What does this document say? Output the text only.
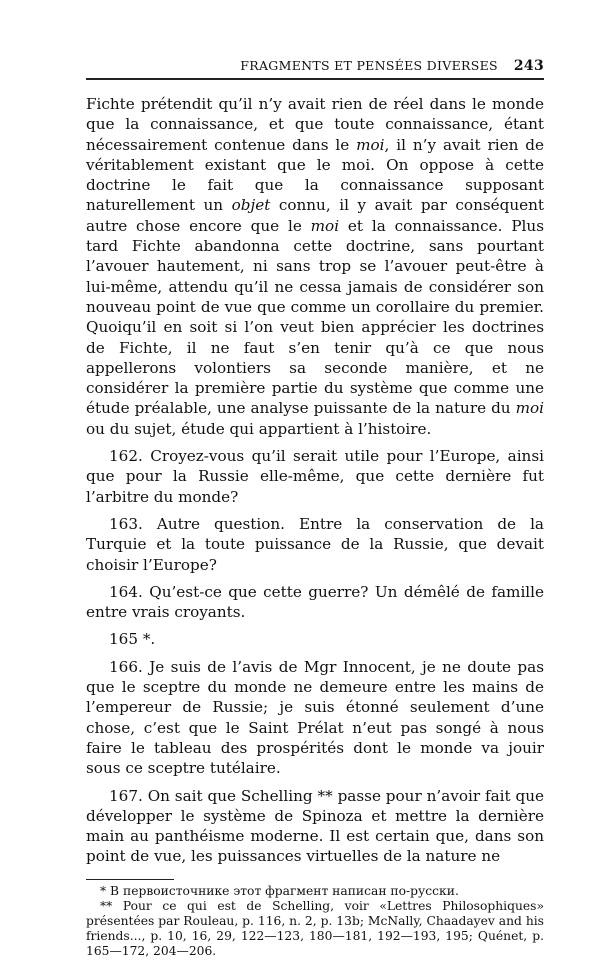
FRAGMENTS ET PENSÉES DIVERSES 243

Fichte prétendit qu’il n’y avait rien de réel dans le monde que la connaissance, et que toute connaissance, étant nécessairement contenue dans le moi, il n’y avait rien de véritablement existant que le moi. On oppose à cette doctrine le fait que la connaissance supposant naturellement un objet connu, il y avait par conséquent autre chose encore que le moi et la connaissance. Plus tard Fichte abandonna cette doctrine, sans pourtant l’avouer hautement, ni sans trop se l’avouer peut-être à lui-même, attendu qu’il ne cessa jamais de considérer son nouveau point de vue que comme un corollaire du premier. Quoiqu’il en soit si l’on veut bien apprécier les doctrines de Fichte, il ne faut s’en tenir qu’à ce que nous appellerons volontiers sa seconde manière, et ne considérer la première partie du système que comme une étude préalable, une analyse puissante de la nature du moi ou du sujet, étude qui appartient à l’histoire.

162. Croyez-vous qu’il serait utile pour l’Europe, ainsi que pour la Russie elle-même, que cette dernière fut l’arbitre du monde?

163. Autre question. Entre la conservation de la Turquie et la toute puissance de la Russie, que devait choisir l’Europe?

164. Qu’est-ce que cette guerre? Un démêlé de famille entre vrais croyants.

165 *.

166. Je suis de l’avis de Mgr Innocent, je ne doute pas que le sceptre du monde ne demeure entre les mains de l’empereur de Russie; je suis étonné seulement d’une chose, c’est que le Saint Prélat n’eut pas songé à nous faire le tableau des prospérités dont le monde va jouir sous ce sceptre tutélaire.

167. On sait que Schelling ** passe pour n’avoir fait que développer le système de Spinoza et mettre la dernière main au panthéisme moderne. Il est certain que, dans son point de vue, les puissances virtuelles de la nature ne

* В первоисточнике этот фрагмент написан по-русски.

** Pour ce qui est de Schelling, voir «Lettres Philosophiques» présentées par Rouleau, p. 116, n. 2, p. 13b; McNally, Chaadayev and his friends..., p. 10, 16, 29, 122—123, 180—181, 192—193, 195; Quénet, p. 165—172, 204—206.
